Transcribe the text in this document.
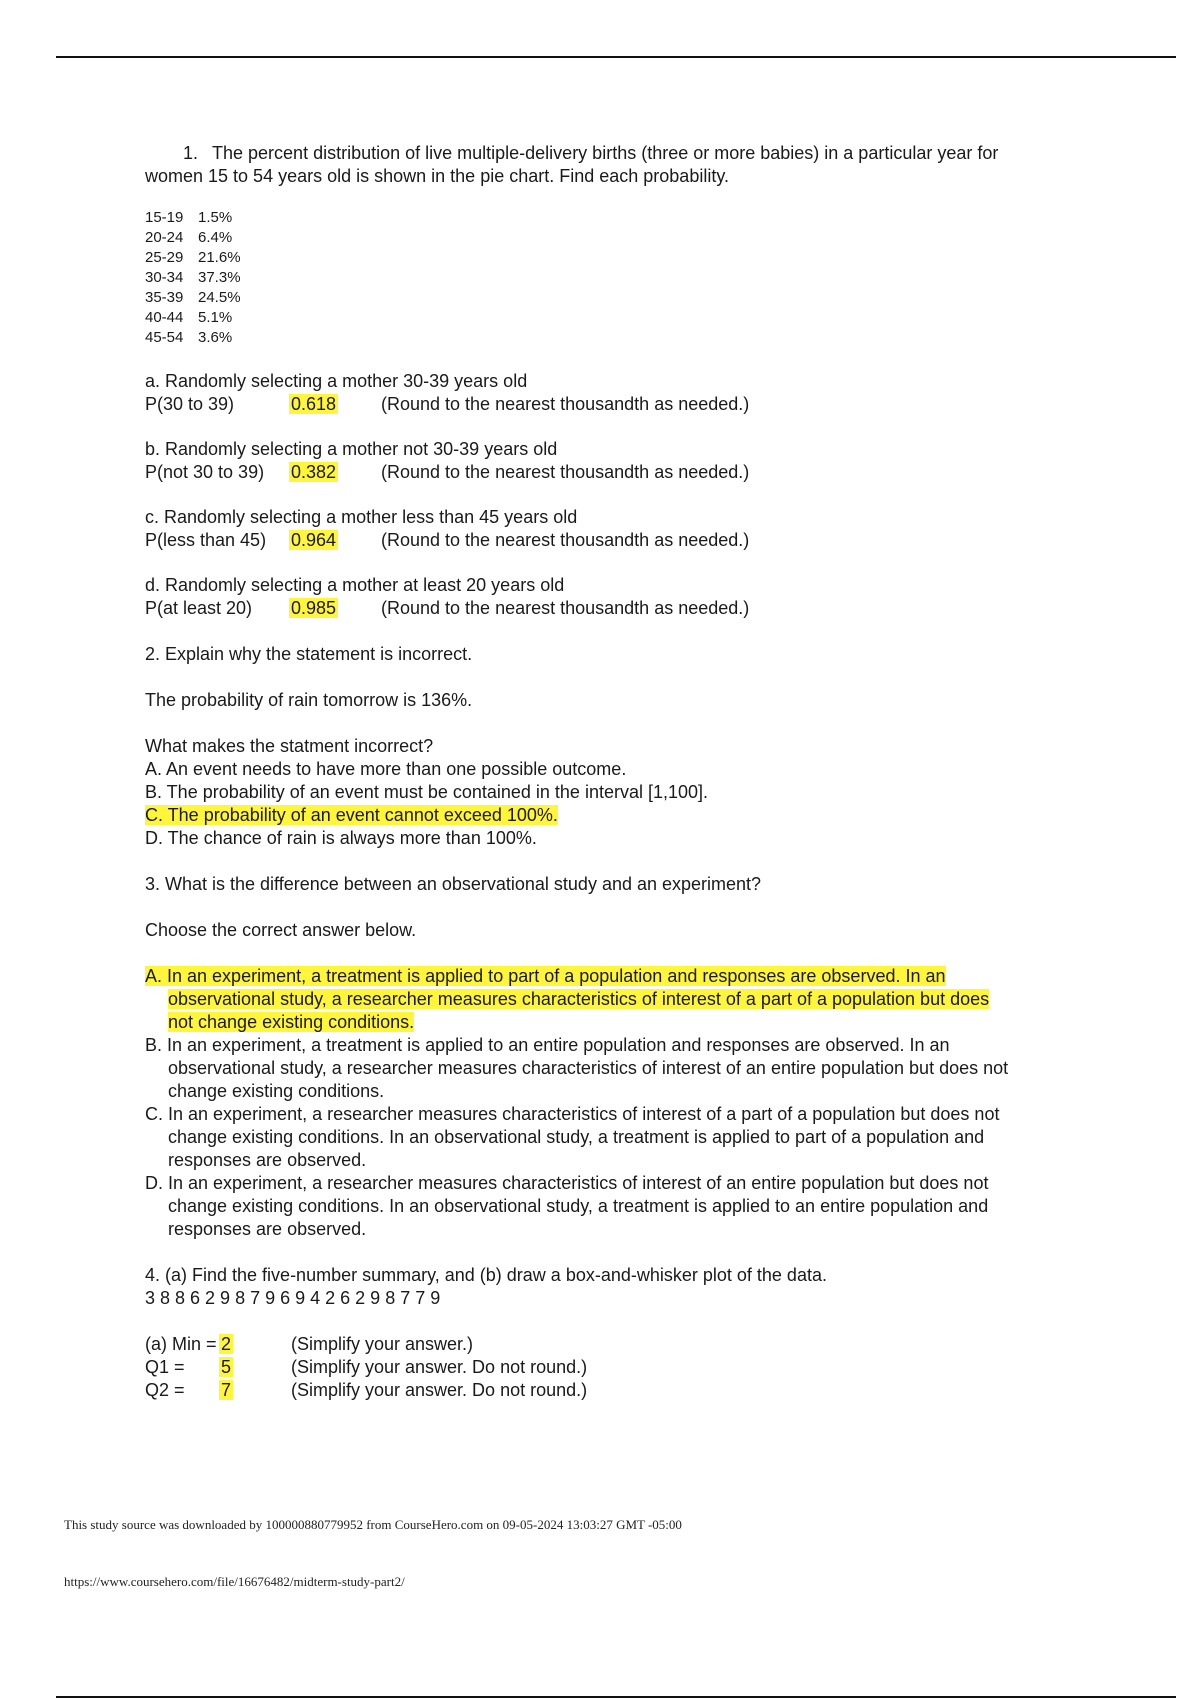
1. The percent distribution of live multiple-delivery births (three or more babies) in a particular year for women 15 to 54 years old is shown in the pie chart. Find each probability.

15-19 1.5%
20-24 6.4%
25-29 21.6%
30-34 37.3%
35-39 24.5%
40-44 5.1%
45-54 3.6%
a. Randomly selecting a mother 30-39 years old
P(30 to 39)	0.618	(Round to the nearest thousandth as needed.)
b. Randomly selecting a mother not 30-39 years old
P(not 30 to 39)	0.382	(Round to the nearest thousandth as needed.)
c. Randomly selecting a mother less than 45 years old
P(less than 45)	0.964	(Round to the nearest thousandth as needed.)
d. Randomly selecting a mother at least 20 years old
P(at least 20)	0.985	(Round to the nearest thousandth as needed.)
2. Explain why the statement is incorrect.
The probability of rain tomorrow is 136%.
What makes the statment incorrect?
A. An event needs to have more than one possible outcome.
B. The probability of an event must be contained in the interval [1,100].
C. The probability of an event cannot exceed 100%.
D. The chance of rain is always more than 100%.
3. What is the difference between an observational study and an experiment?
Choose the correct answer below.
A. In an experiment, a treatment is applied to part of a population and responses are observed. In an observational study, a researcher measures characteristics of interest of a part of a population but does not change existing conditions.
B. In an experiment, a treatment is applied to an entire population and responses are observed. In an observational study, a researcher measures characteristics of interest of an entire population but does not change existing conditions.
C. In an experiment, a researcher measures characteristics of interest of a part of a population but does not change existing conditions. In an observational study, a treatment is applied to part of a population and responses are observed.
D. In an experiment, a researcher measures characteristics of interest of an entire population but does not change existing conditions. In an observational study, a treatment is applied to an entire population and responses are observed.
4. (a) Find the five-number summary, and (b) draw a box-and-whisker plot of the data.
3 8 8 6 2 9 8 7 9 6 9 4 2 6 2 9 8 7 7 9
(a) Min = 2	(Simplify your answer.)
Q1 =	5	(Simplify your answer. Do not round.)
Q2 =	7	(Simplify your answer. Do not round.)
This study source was downloaded by 100000880779952 from CourseHero.com on 09-05-2024 13:03:27 GMT -05:00
https://www.coursehero.com/file/16676482/midterm-study-part2/
